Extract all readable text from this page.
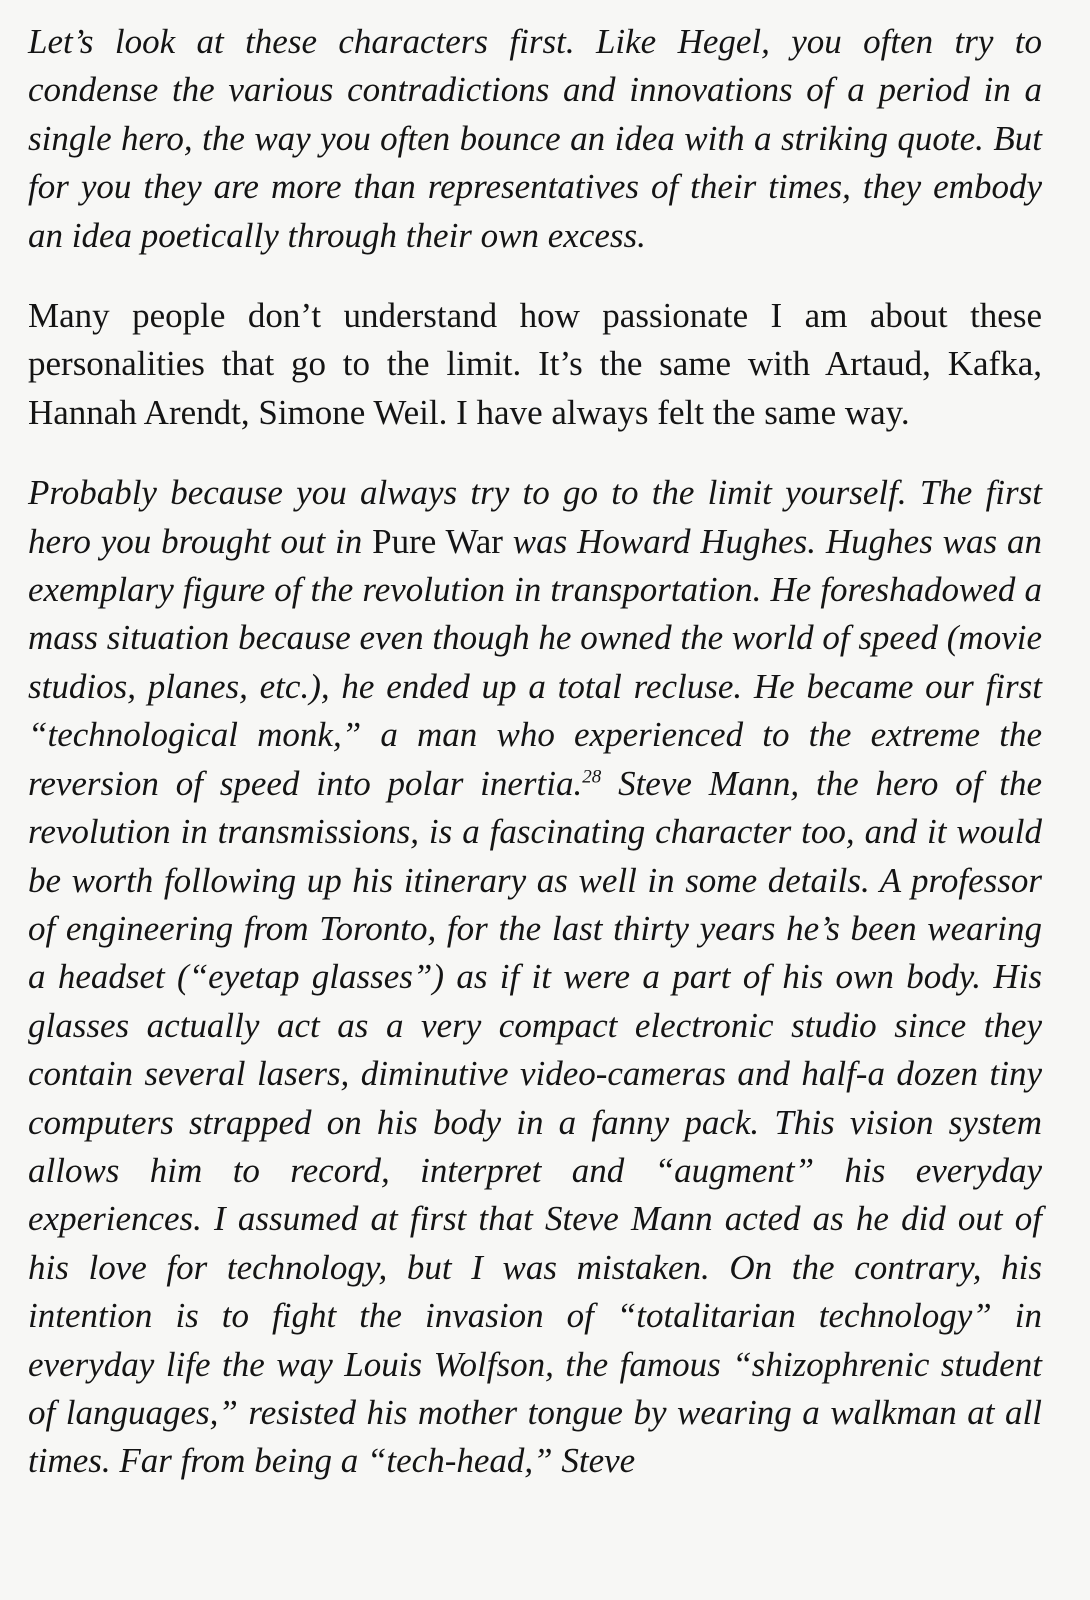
Let’s look at these characters first. Like Hegel, you often try to condense the various contradictions and innovations of a period in a single hero, the way you often bounce an idea with a striking quote. But for you they are more than representatives of their times, they embody an idea poetically through their own excess.

Many people don’t understand how passionate I am about these personalities that go to the limit. It’s the same with Artaud, Kafka, Hannah Arendt, Simone Weil. I have always felt the same way.

Probably because you always try to go to the limit yourself. The first hero you brought out in Pure War was Howard Hughes. Hughes was an exemplary figure of the revolution in transportation. He foreshadowed a mass situation because even though he owned the world of speed (movie studios, planes, etc.), he ended up a total recluse. He became our first “technological monk,” a man who experienced to the extreme the reversion of speed into polar inertia.$^{28}$ Steve Mann, the hero of the revolution in transmissions, is a fascinating character too, and it would be worth following up his itinerary as well in some details. A professor of engineering from Toronto, for the last thirty years he’s been wearing a headset (“eyetap glasses”) as if it were a part of his own body. His glasses actually act as a very compact electronic studio since they contain several lasers, diminutive video-cameras and half-a dozen tiny computers strapped on his body in a fanny pack. This vision system allows him to record, interpret and “augment” his everyday experiences. I assumed at first that Steve Mann acted as he did out of his love for technology, but I was mistaken. On the contrary, his intention is to fight the invasion of “totalitarian technology” in everyday life the way Louis Wolfson, the famous “shizophrenic student of languages,” resisted his mother tongue by wearing a walkman at all times. Far from being a “tech-head,” Steve
